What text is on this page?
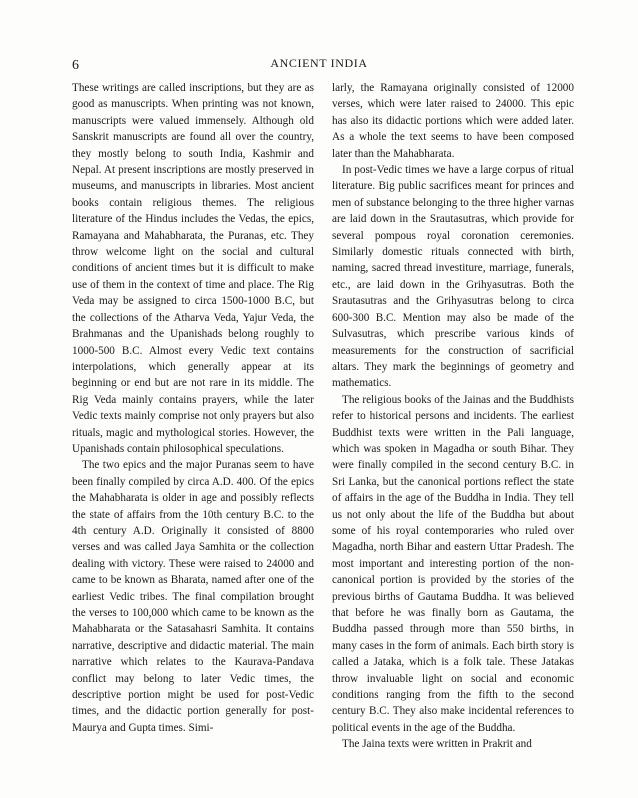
6	ANCIENT INDIA

These writings are called inscriptions, but they are as good as manuscripts. When printing was not known, manuscripts were valued immensely. Although old Sanskrit manuscripts are found all over the country, they mostly belong to south India, Kashmir and Nepal. At present inscriptions are mostly preserved in museums, and manuscripts in libraries. Most ancient books contain religious themes. The religious literature of the Hindus includes the Vedas, the epics, Ramayana and Mahabharata, the Puranas, etc. They throw welcome light on the social and cultural conditions of ancient times but it is difficult to make use of them in the context of time and place. The Rig Veda may be assigned to circa 1500-1000 B.C, but the collections of the Atharva Veda, Yajur Veda, the Brahmanas and the Upanishads belong roughly to 1000-500 B.C. Almost every Vedic text contains interpolations, which generally appear at its beginning or end but are not rare in its middle. The Rig Veda mainly contains prayers, while the later Vedic texts mainly comprise not only prayers but also rituals, magic and mythological stories. However, the Upanishads contain philosophical speculations.

The two epics and the major Puranas seem to have been finally compiled by circa A.D. 400. Of the epics the Mahabharata is older in age and possibly reflects the state of affairs from the 10th century B.C. to the 4th century A.D. Originally it consisted of 8800 verses and was called Jaya Samhita or the collection dealing with victory. These were raised to 24000 and came to be known as Bharata, named after one of the earliest Vedic tribes. The final compilation brought the verses to 100,000 which came to be known as the Mahabharata or the Satasahasri Samhita. It contains narrative, descriptive and didactic material. The main narrative which relates to the Kaurava-Pandava conflict may belong to later Vedic times, the descriptive portion might be used for post-Vedic times, and the didactic portion generally for post-Maurya and Gupta times. Simi-

larly, the Ramayana originally consisted of 12000 verses, which were later raised to 24000. This epic has also its didactic portions which were added later. As a whole the text seems to have been composed later than the Mahabharata.

In post-Vedic times we have a large corpus of ritual literature. Big public sacrifices meant for princes and men of substance belonging to the three higher varnas are laid down in the Srautasutras, which provide for several pompous royal coronation ceremonies. Similarly domestic rituals connected with birth, naming, sacred thread investiture, marriage, funerals, etc., are laid down in the Grihyasutras. Both the Srautasutras and the Grihyasutras belong to circa 600-300 B.C. Mention may also be made of the Sulvasutras, which prescribe various kinds of measurements for the construction of sacrificial altars. They mark the beginnings of geometry and mathematics.

The religious books of the Jainas and the Buddhists refer to historical persons and incidents. The earliest Buddhist texts were written in the Pali language, which was spoken in Magadha or south Bihar. They were finally compiled in the second century B.C. in Sri Lanka, but the canonical portions reflect the state of affairs in the age of the Buddha in India. They tell us not only about the life of the Buddha but about some of his royal contemporaries who ruled over Magadha, north Bihar and eastern Uttar Pradesh. The most important and interesting portion of the non-canonical portion is provided by the stories of the previous births of Gautama Buddha. It was believed that before he was finally born as Gautama, the Buddha passed through more than 550 births, in many cases in the form of animals. Each birth story is called a Jataka, which is a folk tale. These Jatakas throw invaluable light on social and economic conditions ranging from the fifth to the second century B.C. They also make incidental references to political events in the age of the Buddha.

The Jaina texts were written in Prakrit and
